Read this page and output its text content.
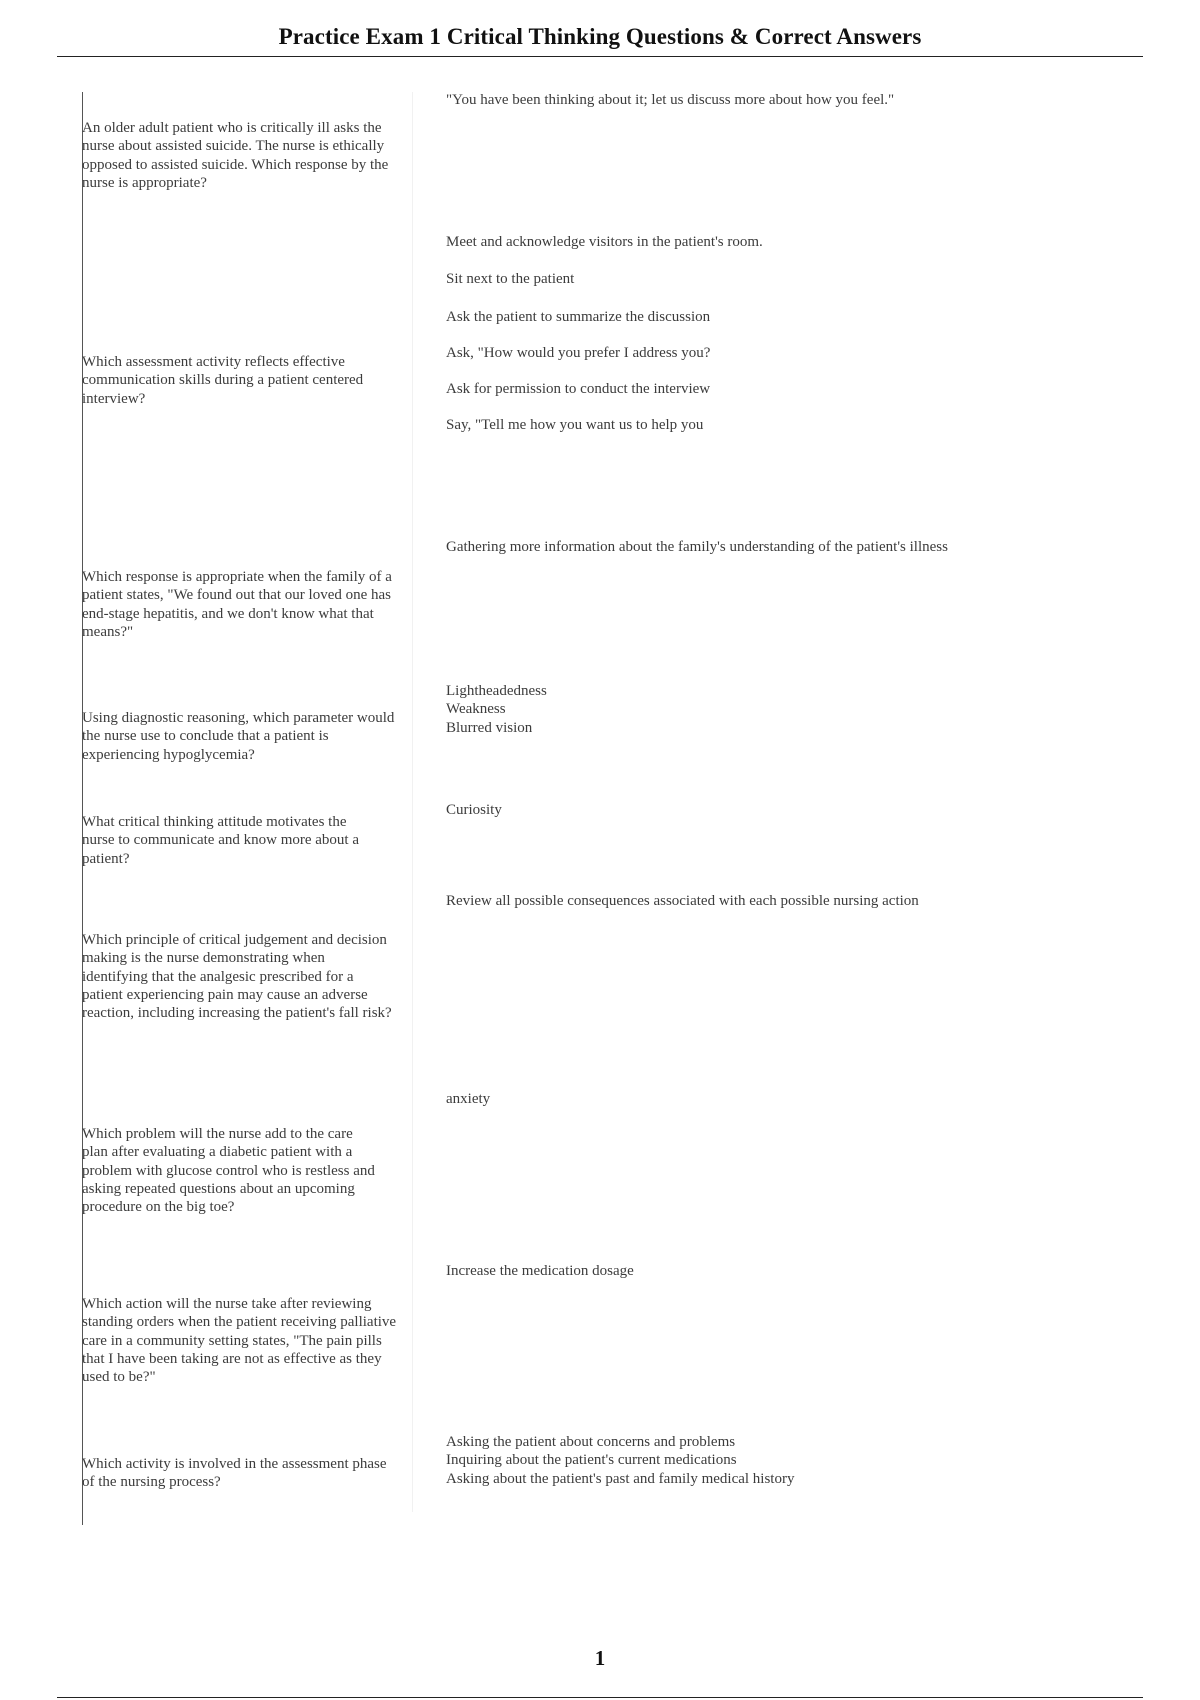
Practice Exam 1 Critical Thinking Questions & Correct Answers
"You have been thinking about it; let us discuss more about how you feel."
An older adult patient who is critically ill asks the nurse about assisted suicide. The nurse is ethically opposed to assisted suicide. Which response by the nurse is appropriate?
Meet and acknowledge visitors in the patient's room.
Sit next to the patient
Ask the patient to summarize the discussion
Which assessment activity reflects effective communication skills during a patient centered interview?
Ask, "How would you prefer I address you?
Ask for permission to conduct the interview
Say, "Tell me how you want us to help you
Gathering more information about the family's understanding of the patient's illness
Which response is appropriate when the family of a patient states, "We found out that our loved one has end-stage hepatitis, and we don't know what that means?"
Lightheadedness
Weakness
Blurred vision
Using diagnostic reasoning, which parameter would the nurse use to conclude that a patient is experiencing hypoglycemia?
Curiosity
What critical thinking attitude motivates the nurse to communicate and know more about a patient?
Review all possible consequences associated with each possible nursing action
Which principle of critical judgement and decision making is the nurse demonstrating when identifying that the analgesic prescribed for a patient experiencing pain may cause an adverse reaction, including increasing the patient's fall risk?
anxiety
Which problem will the nurse add to the care plan after evaluating a diabetic patient with a problem with glucose control who is restless and asking repeated questions about an upcoming procedure on the big toe?
Increase the medication dosage
Which action will the nurse take after reviewing standing orders when the patient receiving palliative care in a community setting states, "The pain pills that I have been taking are not as effective as they used to be?"
Asking the patient about concerns and problems
Inquiring about the patient's current medications
Asking about the patient's past and family medical history
Which activity is involved in the assessment phase of the nursing process?
1
